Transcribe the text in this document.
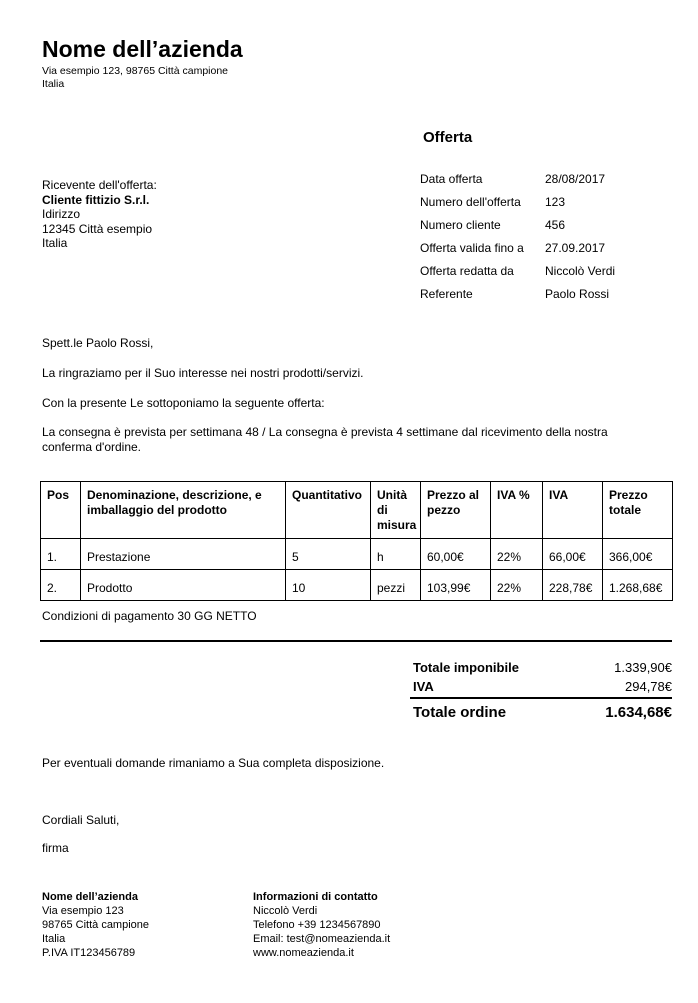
Nome dell’azienda
Via esempio 123, 98765 Città campione
Italia
Offerta
Ricevente dell'offerta:
Cliente fittizio S.r.l.
Idirizzo
12345 Città esempio
Italia
Data offerta	28/08/2017
Numero dell'offerta	123
Numero cliente	456
Offerta valida fino a	27.09.2017
Offerta redatta da	Niccolò Verdi
Referente	Paolo Rossi

Spett.le Paolo Rossi,

La ringraziamo per il Suo interesse nei nostri prodotti/servizi.

Con la presente Le sottoponiamo la seguente offerta:

La consegna è prevista per settimana 48 / La consegna è prevista 4 settimane dal ricevimento della nostra conferma d'ordine.

Pos	Denominazione, descrizione, e imballaggio del prodotto	Quantitativo	Unità di misura	Prezzo al pezzo	IVA %	IVA	Prezzo totale
1.	Prestazione	5	h	60,00€	22%	66,00€	366,00€
2.	Prodotto	10	pezzi	103,99€	22%	228,78€	1.268,68€

Condizioni di pagamento 30 GG NETTO

Totale imponibile	1.339,90€
IVA	294,78€
Totale ordine	1.634,68€

Per eventuali domande rimaniamo a Sua completa disposizione.

Cordiali Saluti,

firma

Nome dell’azienda
Via esempio 123
98765 Città campione
Italia
P.IVA IT123456789
Informazioni di contatto
Niccolò Verdi
Telefono +39 1234567890
Email: test@nomeazienda.it
www.nomeazienda.it
